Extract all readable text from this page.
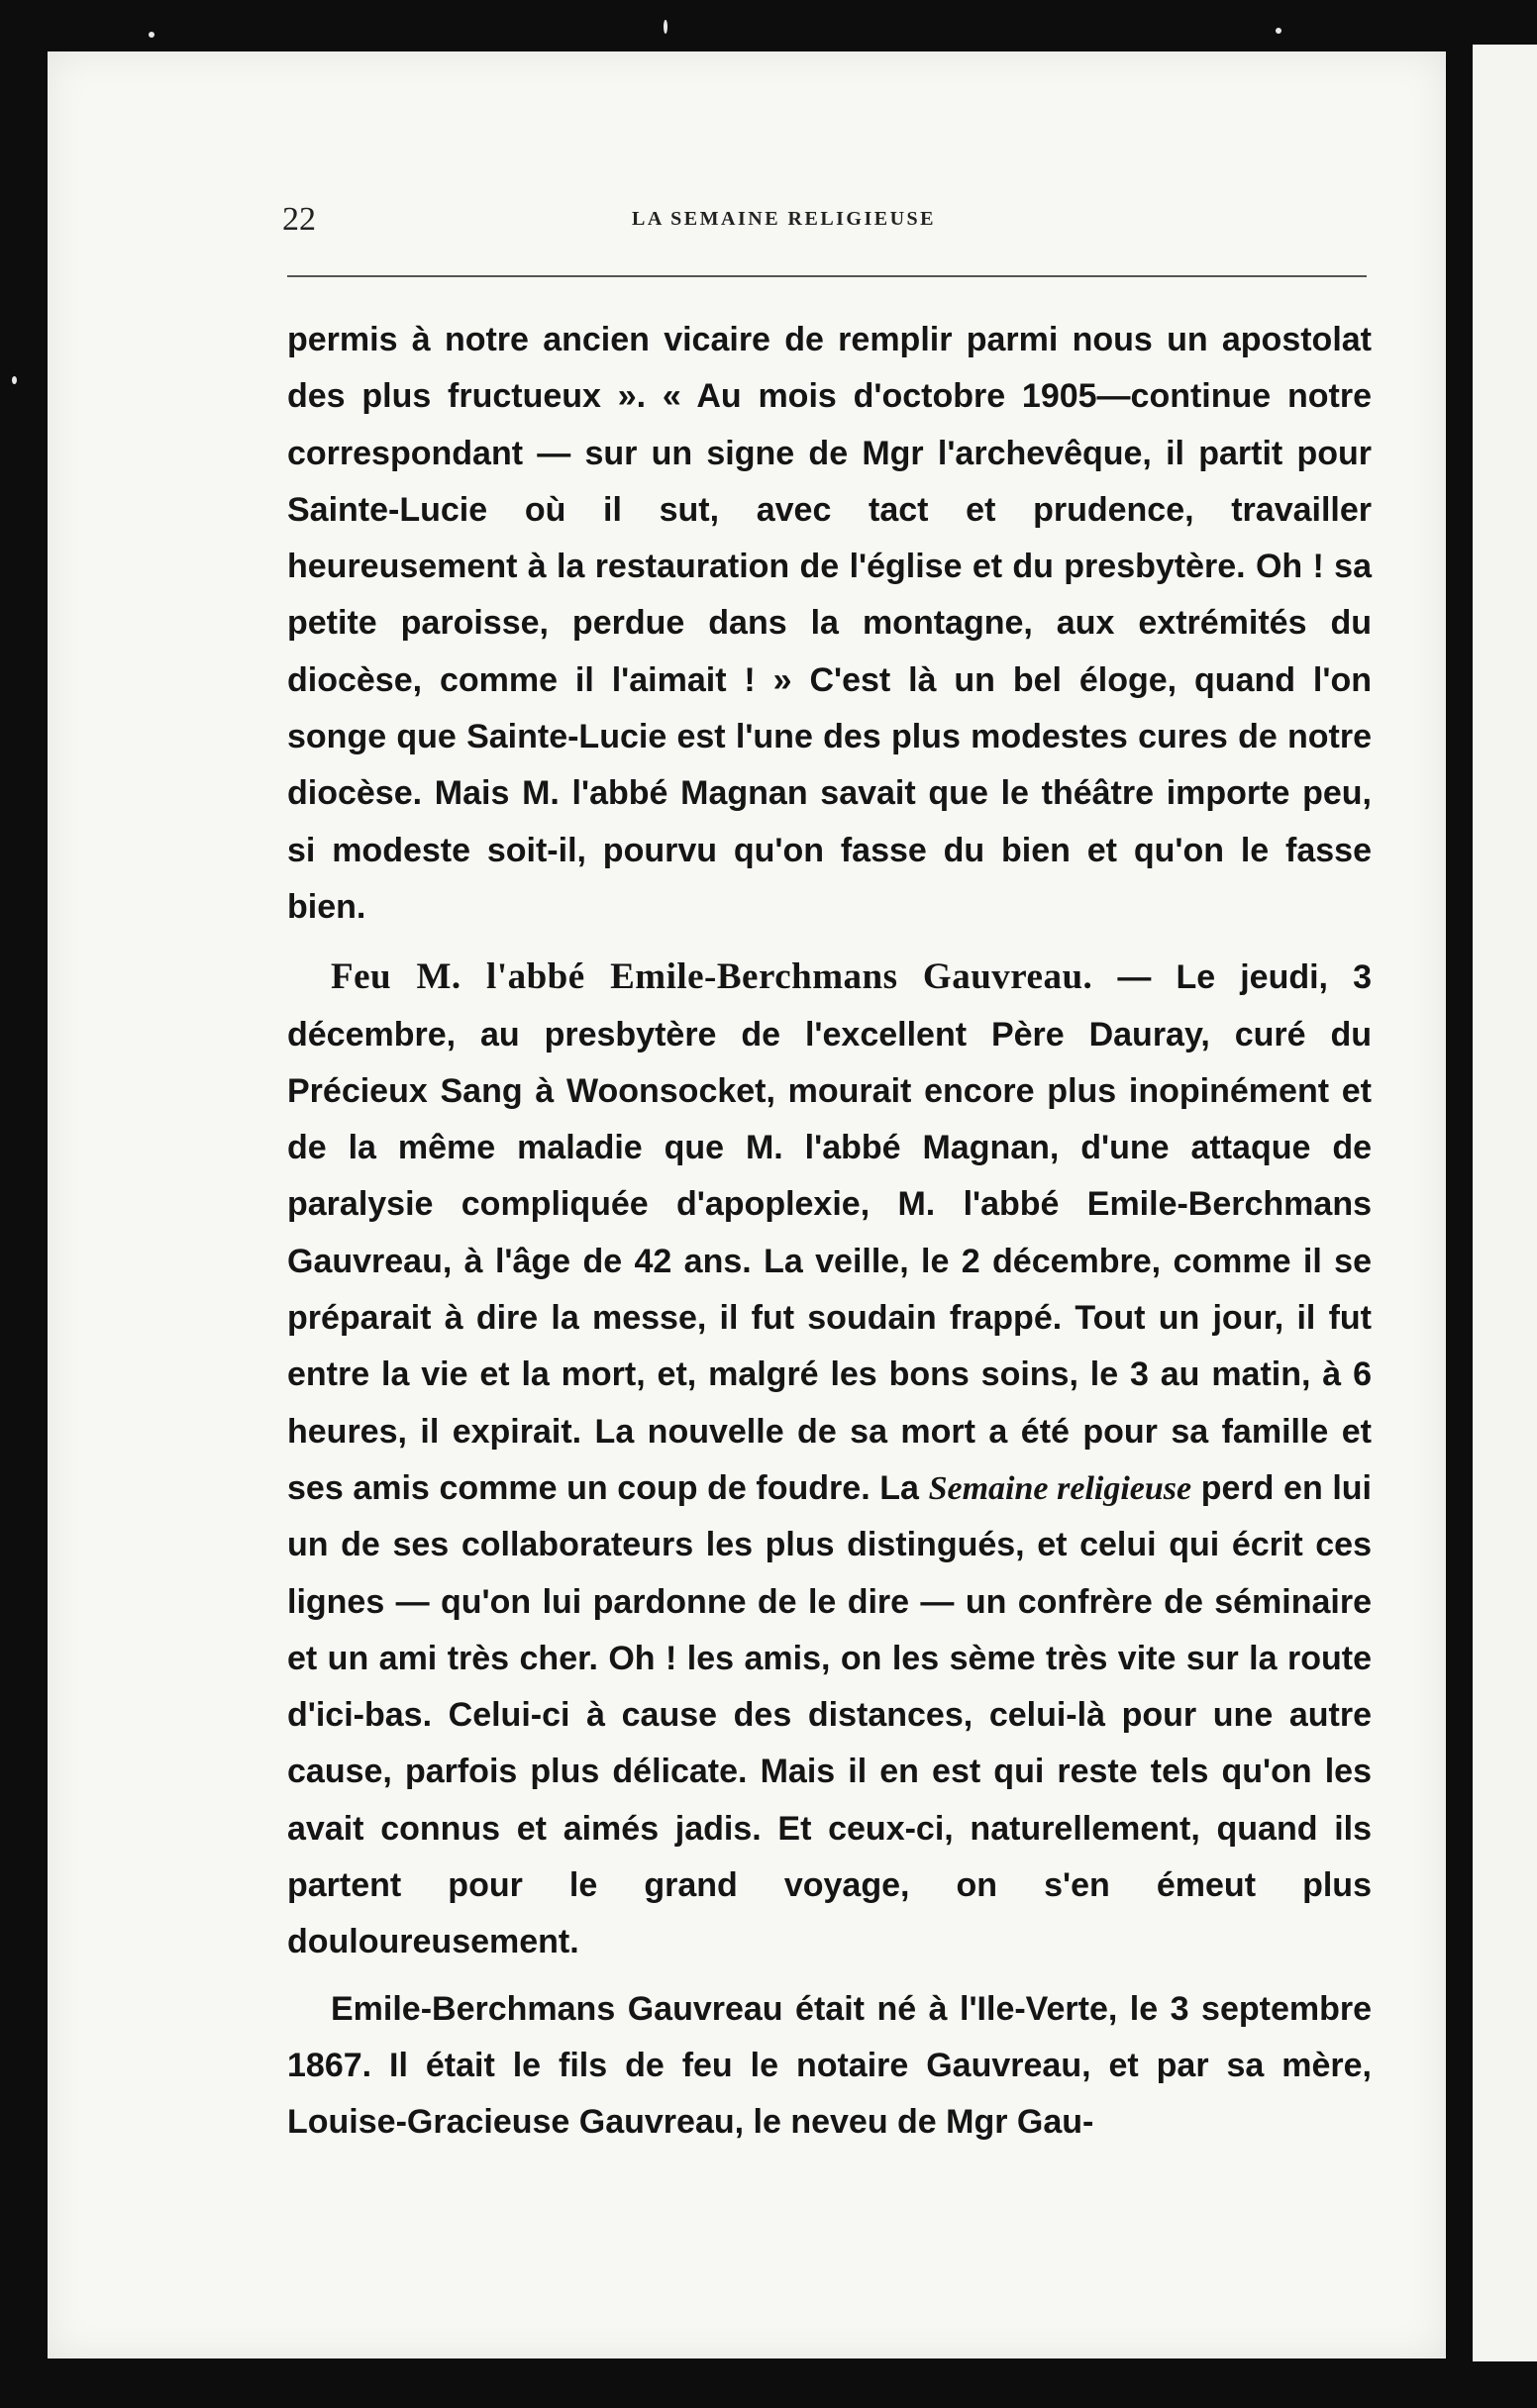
22	LA SEMAINE RELIGIEUSE

permis à notre ancien vicaire de remplir parmi nous un apostolat des plus fructueux ». « Au mois d'octobre 1905—continue notre correspondant — sur un signe de Mgr l'archevêque, il partit pour Sainte-Lucie où il sut, avec tact et prudence, travailler heureusement à la restauration de l'église et du presbytère. Oh ! sa petite paroisse, perdue dans la montagne, aux extrémités du diocèse, comme il l'aimait ! » C'est là un bel éloge, quand l'on songe que Sainte-Lucie est l'une des plus modestes cures de notre diocèse. Mais M. l'abbé Magnan savait que le théâtre importe peu, si modeste soit-il, pourvu qu'on fasse du bien et qu'on le fasse bien.

Feu M. l'abbé Emile-Berchmans Gauvreau. — Le jeudi, 3 décembre, au presbytère de l'excellent Père Dauray, curé du Précieux Sang à Woonsocket, mourait encore plus inopinément et de la même maladie que M. l'abbé Magnan, d'une attaque de paralysie compliquée d'apoplexie, M. l'abbé Emile-Berchmans Gauvreau, à l'âge de 42 ans. La veille, le 2 décembre, comme il se préparait à dire la messe, il fut soudain frappé. Tout un jour, il fut entre la vie et la mort, et, malgré les bons soins, le 3 au matin, à 6 heures, il expirait. La nouvelle de sa mort a été pour sa famille et ses amis comme un coup de foudre. La Semaine religieuse perd en lui un de ses collaborateurs les plus distingués, et celui qui écrit ces lignes — qu'on lui pardonne de le dire — un confrère de séminaire et un ami très cher. Oh ! les amis, on les sème très vite sur la route d'ici-bas. Celui-ci à cause des distances, celui-là pour une autre cause, parfois plus délicate. Mais il en est qui reste tels qu'on les avait connus et aimés jadis. Et ceux-ci, naturellement, quand ils partent pour le grand voyage, on s'en émeut plus douloureusement.

Emile-Berchmans Gauvreau était né à l'Ile-Verte, le 3 septembre 1867. Il était le fils de feu le notaire Gauvreau, et par sa mère, Louise-Gracieuse Gauvreau, le neveu de Mgr Gau-
